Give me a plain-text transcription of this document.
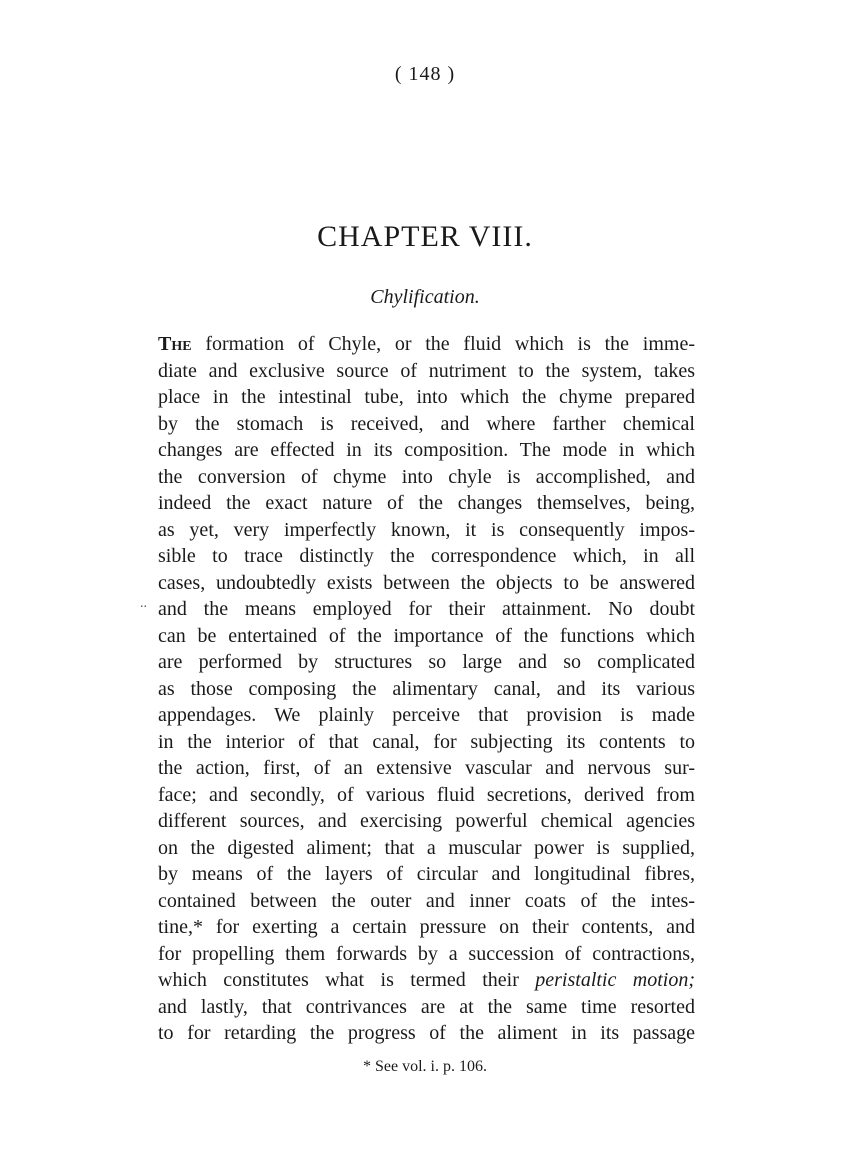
( 148 )
CHAPTER VIII.
Chylification.
..
The formation of Chyle, or the fluid which is the imme-
diate and exclusive source of nutriment to the system, takes
place in the intestinal tube, into which the chyme prepared
by the stomach is received, and where farther chemical
changes are effected in its composition. The mode in which
the conversion of chyme into chyle is accomplished, and
indeed the exact nature of the changes themselves, being,
as yet, very imperfectly known, it is consequently impos-
sible to trace distinctly the correspondence which, in all
cases, undoubtedly exists between the objects to be answered
and the means employed for their attainment. No doubt
can be entertained of the importance of the functions which
are performed by structures so large and so complicated
as those composing the alimentary canal, and its various
appendages. We plainly perceive that provision is made
in the interior of that canal, for subjecting its contents to
the action, first, of an extensive vascular and nervous sur-
face; and secondly, of various fluid secretions, derived from
different sources, and exercising powerful chemical agencies
on the digested aliment; that a muscular power is supplied,
by means of the layers of circular and longitudinal fibres,
contained between the outer and inner coats of the intes-
tine,* for exerting a certain pressure on their contents, and
for propelling them forwards by a succession of contractions,
which constitutes what is termed their peristaltic motion;
and lastly, that contrivances are at the same time resorted
to for retarding the progress of the aliment in its passage
* See vol. i. p. 106.
